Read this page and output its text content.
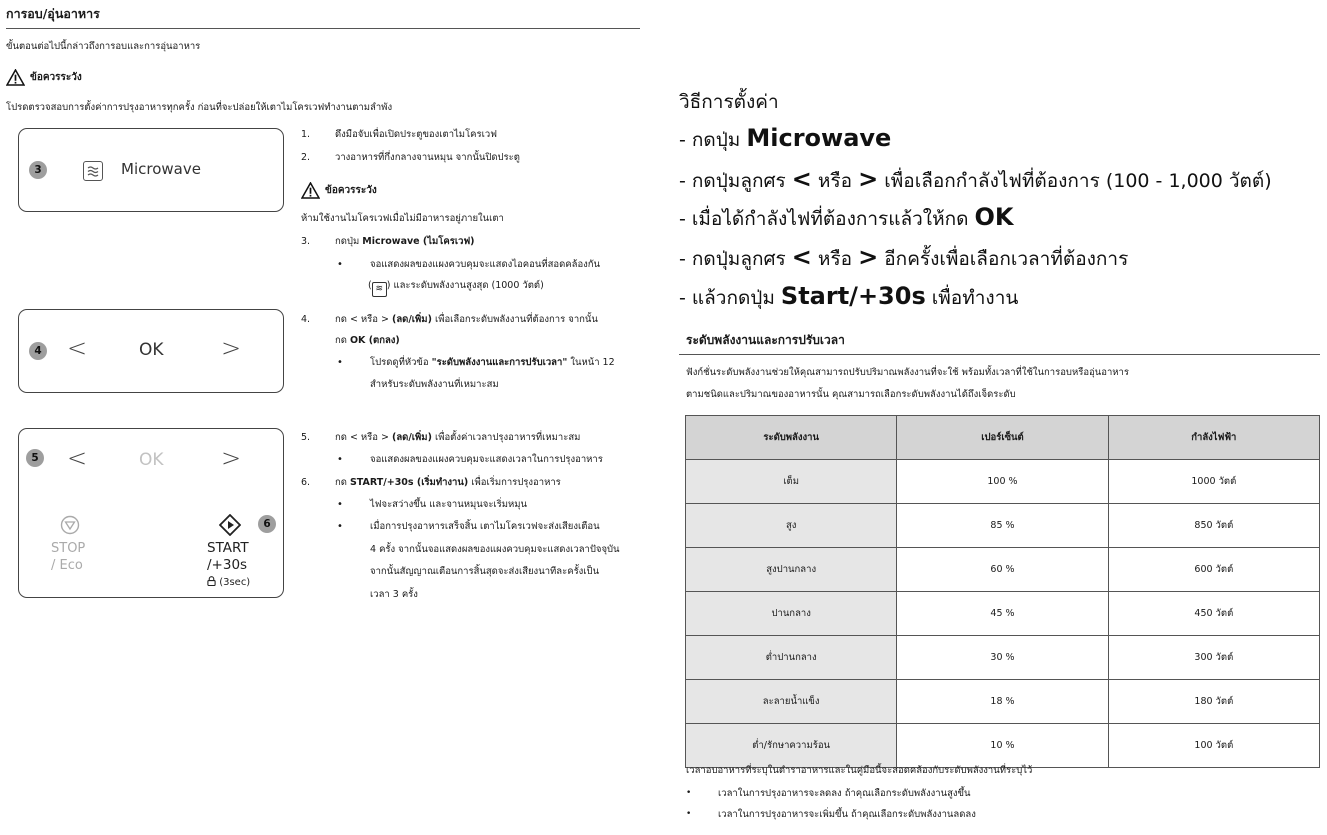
การอบ/อุ่นอาหาร
ขั้นตอนต่อไปนี้กล่าวถึงการอบและการอุ่นอาหาร
ข้อควรระวัง
โปรดตรวจสอบการตั้งค่าการปรุงอาหารทุกครั้ง ก่อนที่จะปล่อยให้เตาไมโครเวฟทำงานตามลำพัง
3	Microwave
4 <	OK >
5 <	OK >
STOP
/ Eco
6
START
/+30s
(3sec)
1.	ดึงมือจับเพื่อเปิดประตูของเตาไมโครเวฟ
2.	วางอาหารที่กึ่งกลางจานหมุน จากนั้นปิดประตู
ข้อควรระวัง
ห้ามใช้งานไมโครเวฟเมื่อไม่มีอาหารอยู่ภายในเตา
3.	กดปุ่ม Microwave (ไมโครเวฟ)
•	จอแสดงผลของแผงควบคุมจะแสดงไอคอนที่สอดคล้องกัน
( ≋ ) และระดับพลังงานสูงสุด (1000 วัตต์)
4.	กด < หรือ > (ลด/เพิ่ม) เพื่อเลือกระดับพลังงานที่ต้องการ จากนั้น
กด OK (ตกลง)
•	โปรดดูที่หัวข้อ "ระดับพลังงานและการปรับเวลา" ในหน้า 12
สำหรับระดับพลังงานที่เหมาะสม
5.	กด < หรือ > (ลด/เพิ่ม) เพื่อตั้งค่าเวลาปรุงอาหารที่เหมาะสม
•	จอแสดงผลของแผงควบคุมจะแสดงเวลาในการปรุงอาหาร
6.	กด START/+30s (เริ่มทำงาน) เพื่อเริ่มการปรุงอาหาร
•	ไฟจะสว่างขึ้น และจานหมุนจะเริ่มหมุน
•	เมื่อการปรุงอาหารเสร็จสิ้น เตาไมโครเวฟจะส่งเสียงเตือน
4 ครั้ง จากนั้นจอแสดงผลของแผงควบคุมจะแสดงเวลาปัจจุบัน
จากนั้นสัญญาณเตือนการสิ้นสุดจะส่งเสียงนาทีละครั้งเป็น
เวลา 3 ครั้ง
วิธีการตั้งค่า
- กดปุ่ม Microwave
- กดปุ่มลูกศร < หรือ > เพื่อเลือกกำลังไฟที่ต้องการ (100 - 1,000 วัตต์)
- เมื่อได้กำลังไฟที่ต้องการแล้วให้กด OK
- กดปุ่มลูกศร < หรือ > อีกครั้งเพื่อเลือกเวลาที่ต้องการ
- แล้วกดปุ่ม Start/+30s เพื่อทำงาน
ระดับพลังงานและการปรับเวลา
ฟังก์ชั่นระดับพลังงานช่วยให้คุณสามารถปรับปริมาณพลังงานที่จะใช้ พร้อมทั้งเวลาที่ใช้ในการอบหรืออุ่นอาหาร
ตามชนิดและปริมาณของอาหารนั้น คุณสามารถเลือกระดับพลังงานได้ถึงเจ็ดระดับ
ระดับพลังงาน	เปอร์เซ็นต์	กำลังไฟฟ้า
เต็ม	100 %	1000 วัตต์
สูง	85 %	850 วัตต์
สูงปานกลาง	60 %	600 วัตต์
ปานกลาง	45 %	450 วัตต์
ต่ำปานกลาง	30 %	300 วัตต์
ละลายน้ำแข็ง	18 %	180 วัตต์
ต่ำ/รักษาความร้อน	10 %	100 วัตต์
เวลาอบอาหารที่ระบุในตำราอาหารและในคู่มือนี้จะสอดคล้องกับระดับพลังงานที่ระบุไว้
•	เวลาในการปรุงอาหารจะลดลง ถ้าคุณเลือกระดับพลังงานสูงขึ้น
•	เวลาในการปรุงอาหารจะเพิ่มขึ้น ถ้าคุณเลือกระดับพลังงานลดลง
